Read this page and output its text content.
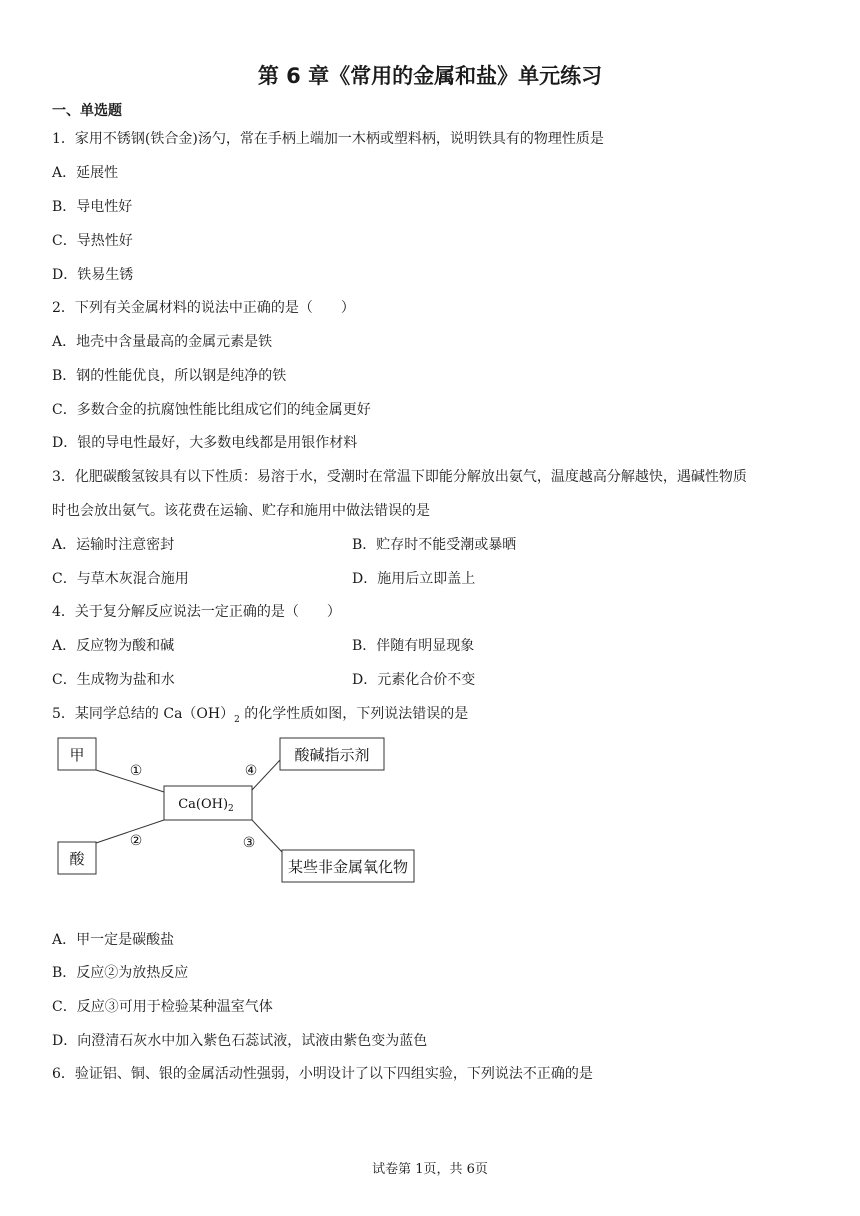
第 6 章《常用的金属和盐》单元练习
一、单选题
1．家用不锈钢(铁合金)汤勺，常在手柄上端加一木柄或塑料柄，说明铁具有的物理性质是
A．延展性
B．导电性好
C．导热性好
D．铁易生锈
2．下列有关金属材料的说法中正确的是（　　）
A．地壳中含量最高的金属元素是铁
B．钢的性能优良，所以钢是纯净的铁
C．多数合金的抗腐蚀性能比组成它们的纯金属更好
D．银的导电性最好，大多数电线都是用银作材料
3．化肥碳酸氢铵具有以下性质：易溶于水，受潮时在常温下即能分解放出氨气，温度越高分解越快，遇碱性物质
时也会放出氨气。该花费在运输、贮存和施用中做法错误的是
A．运输时注意密封	B．贮存时不能受潮或暴晒
C．与草木灰混合施用	D．施用后立即盖上
4．关于复分解反应说法一定正确的是（　　）
A．反应物为酸和碱	B．伴随有明显现象
C．生成物为盐和水	D．元素化合价不变
5．某同学总结的 $Ca(OH)_2$ 的化学性质如图，下列说法错误的是
甲
酸
酸碱指示剂
某些非金属氧化物
$Ca(OH)_2$
①
②	③
④
A．甲一定是碳酸盐
B．反应②为放热反应
C．反应③可用于检验某种温室气体
D．向澄清石灰水中加入紫色石蕊试液，试液由紫色变为蓝色
6．验证铝、铜、银的金属活动性强弱，小明设计了以下四组实验，下列说法不正确的是
试卷第 1页，共 6页
